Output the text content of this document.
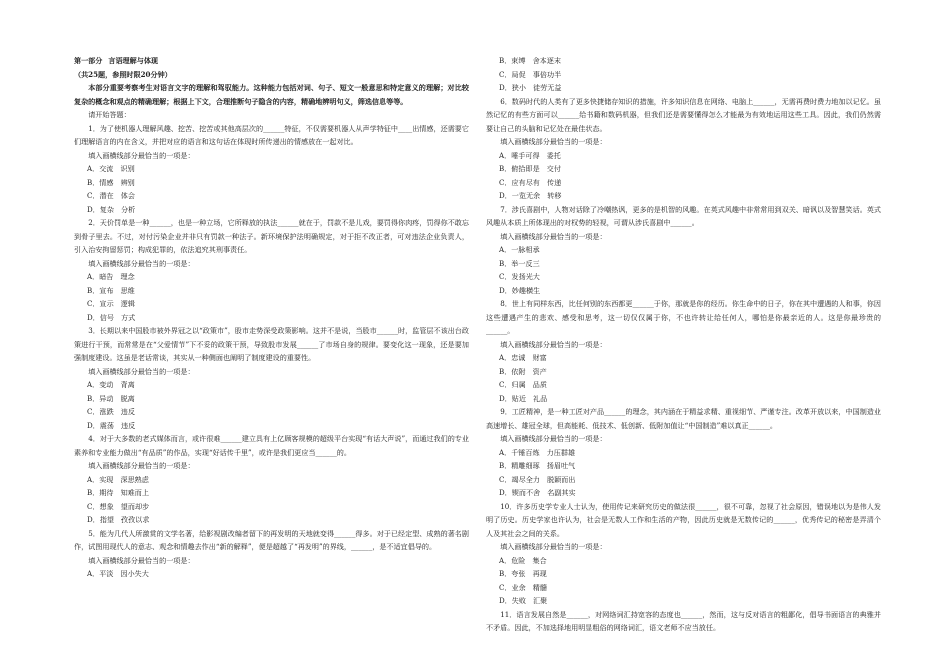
第一部分 言语理解与体现

（共25题，参照时限20分钟）

本部分重要考察考生对语言文字的理解和驾驭能力。这种能力包括对词、句子、短文一般意思和特定意义的理解；对比较复杂的概念和观点的精确理解；根据上下文，合理推断句子隐含的内容，精确地辨明句义，筛选信息等等。

请开始答题：

1．为了使机器人理解风趣、挖苦、挖苦或其他高层次的______特征，不仅需要机器人从声学特征中____出情感，还需要它们理解语言的内在含义，并把对应的语言和这句话在体现时所传递出的情感放在一起对比。

填入画横线部分最恰当的一项是：

A．交流　识别

B．情感　辨别

C．潜在　体会

D．复杂　分析

2．天价罚单是一种______，也是一种立场，它所释放的执法______就在于，罚款不是儿戏，要罚得你肉疼，罚得你不敢忘到骨子里去。不过，对付污染企业并非只有罚款一种法子。新环境保护法明确规定，对于拒不改正者，可对违法企业负责人，引入治安拘留惩罚；构成犯罪的，依法追究其刑事责任。

填入画横线部分最恰当的一项是：

A．暗告　理念

B．宣布　思维

C．宣示　逻辑

D．信号　方式

3．长期以来中国股市被外界冠之以“政策市”，股市走势深受政策影响。这并不是说，当股市______时，监管层不该出台政策进行干预，而常常是在“父爱情节”下不妥的政策干预，导致股市发展______了市场自身的规律。要变化这一现象，还是要加强制度建设。这虽是老话常谈，其实从一种侧面也阐明了制度建设的重要性。

填入画横线部分最恰当的一项是：

A．变动　背离

B．异动　脱离

C．涨跌　违反

D．震荡　违反

4．对于大多数的老式媒体而言，或许很难______建立具有上亿顾客规模的超级平台实现“有话大声说”，而通过我们的专业素养和专业能力做出“有品质”的作品，实现“好话传千里”，或许是我们更应当______的。

填入画横线部分最恰当的一项是：

A．实现　深思熟虑

B．期待　知难而上

C．想象　望而却步

D．指望　孜孜以求

5．能为几代人所激赏的文学名著，给影视剧改编者留下的再发明的天地就变得______得多。对于已经定型、成熟的著名剧作，试图用现代人的意志、观念和情趣去作出“新的解释”，便是超越了“再发明”的界线，______，是不适宜倡导的。

填入画横线部分最恰当的一项是：

A．平淡　因小失大

B．束缚　舍本逐末

C．局促　事倍功半

D．狭小　徒劳无益

6．数码时代的人类有了更多快捷储存知识的措施，许多知识信息在网络、电脑上______，无需再费时费力地加以记忆。虽然记忆的有些方面可以______给书籍和数码机器，但我们还是需要懂得怎么才能最为有效地运用这些工具。因此，我们仍然需要让自己的头脑和记忆处在最佳状态。

填入画横线部分最恰当的一项是：

A．唾手可得　委托

B．俯拾即是　交付

C．应有尽有　传递

D．一览无余　转移

7．涉氏喜剧中，人物对话除了冷嘲热讽，更多的是机智的风趣。在英式风趣中非常常用到双关、暗讽以及智慧笑话。英式风趣从本质上所体现出的对权势的轻视，可谓从涉氏喜剧中______。

填入画横线部分最恰当的一项是：

A．一脉相承

B．举一反三

C．发扬光大

D．妙趣横生

8．世上有同样东西，比任何别的东西都更______于你，那就是你的经历。你生命中的日子，你在其中遭遇的人和事，你因这些遭遇产生的悲欢、感受和思考，这一切仅仅属于你，不也许转让给任何人，哪怕是你最亲近的人。这是你最珍贵的______。

填入画横线部分最恰当的一项是：

A．忠诚　财富

B．依附　资产

C．归属　品质

D．贴近　礼品

9．工匠精神，是一种工匠对产品______的理念，其内涵在于精益求精、重视细节、严谨专注。改革开放以来，中国制造业高速增长、雄冠全球，但高能耗、低技术、低创新、低附加值让“中国制造”难以真正______。

填入画横线部分最恰当的一项是：

A．千锤百炼　力压群雄

B．精雕细琢　扬眉吐气

C．竭尽全力　脱颖而出

D．锲而不舍　名副其实

10．许多历史学专业人士认为，使用传记来研究历史的做法很______，很不可靠，忽视了社会原因，错误地以为是伟人发明了历史。历史学家也许认为，社会是无数人工作和生活的产物，因此历史就是无数传记的______，优秀传记的秘密是弄清个人及其社会之间的关系。

填入画横线部分最恰当的一项是：

A．危险　集合

B．夸张　再现

C．业余　精髓

D．失败　汇聚

11．语言发展自然是______，对网络词汇持宽容的态度也______，然而，这与反对语言的粗鄙化，倡导书面语言的典雅并不矛盾。因此，不加选择地用明显粗俗的网络词汇，语文老师不应当放任。
